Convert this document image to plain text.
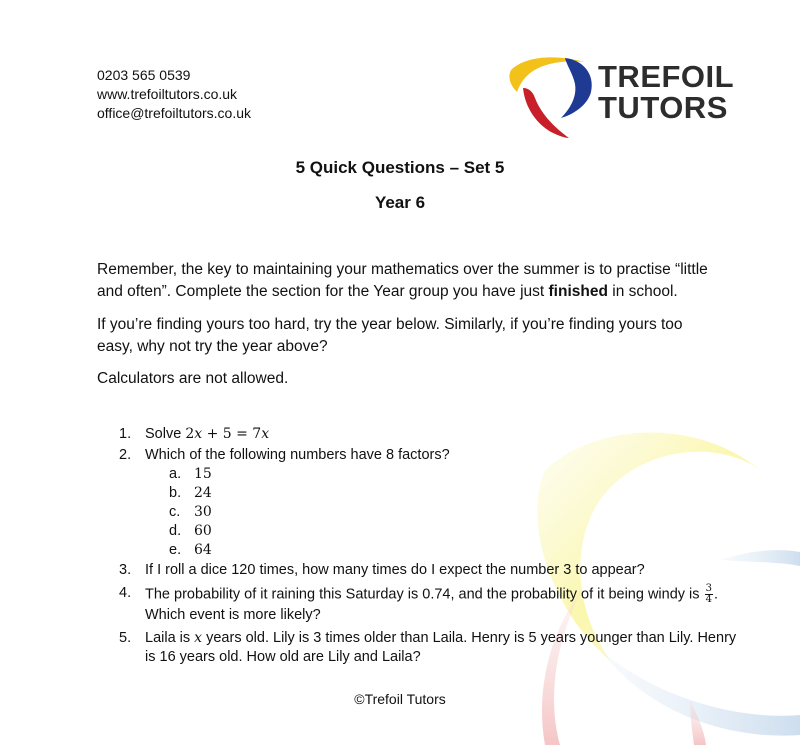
0203 565 0539
www.trefoiltutors.co.uk
office@trefoiltutors.co.uk
TREFOIL
TUTORS
5 Quick Questions – Set 5
Year 6

Remember, the key to maintaining your mathematics over the summer is to practise “little and often”. Complete the section for the Year group you have just finished in school.

If you’re finding yours too hard, try the year below. Similarly, if you’re finding yours too easy, why not try the year above?

Calculators are not allowed.

1. Solve 2x + 5 = 7x
2. Which of the following numbers have 8 factors?
a. 15
b. 24
c. 30
d. 60
e. 64
3. If I roll a dice 120 times, how many times do I expect the number 3 to appear?
4. The probability of it raining this Saturday is 0.74, and the probability of it being windy is $\frac{3}{4}$ .
Which event is more likely?
5. Laila is x years old. Lily is 3 times older than Laila. Henry is 5 years younger than Lily. Henry is 16 years old. How old are Lily and Laila?
©Trefoil Tutors
